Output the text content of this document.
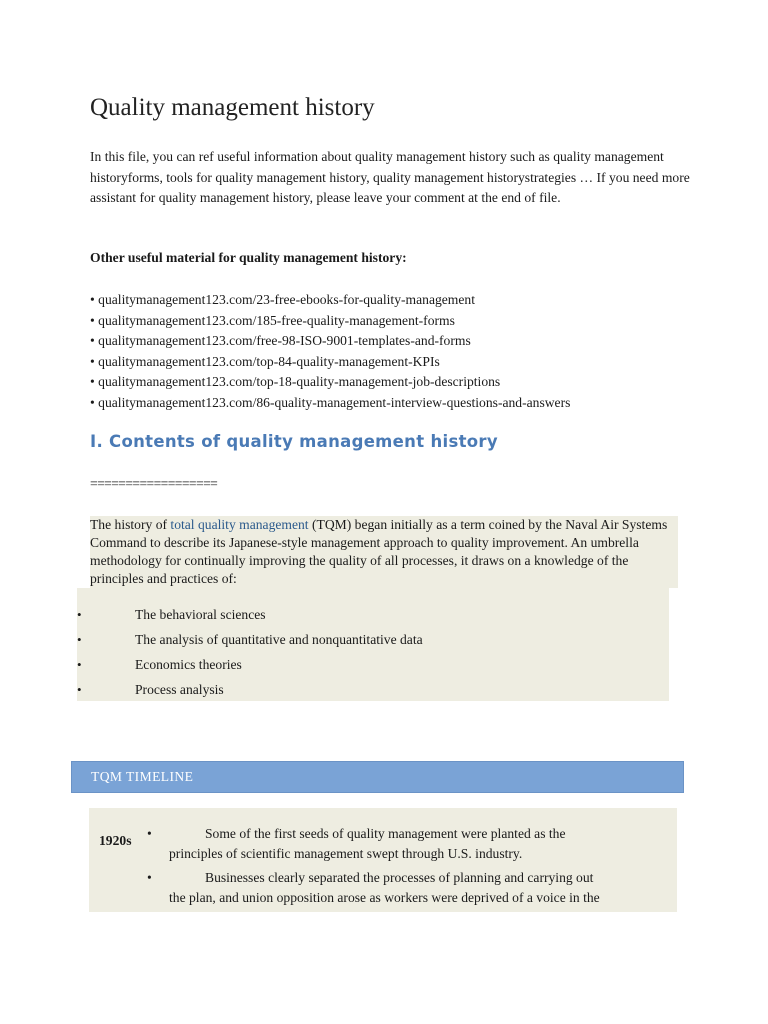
Quality management history

In this file, you can ref useful information about quality management history such as quality management historyforms, tools for quality management history, quality management historystrategies … If you need more assistant for quality management history, please leave your comment at the end of file.

Other useful material for quality management history:

• qualitymanagement123.com/23-free-ebooks-for-quality-management
• qualitymanagement123.com/185-free-quality-management-forms
• qualitymanagement123.com/free-98-ISO-9001-templates-and-forms
• qualitymanagement123.com/top-84-quality-management-KPIs
• qualitymanagement123.com/top-18-quality-management-job-descriptions
• qualitymanagement123.com/86-quality-management-interview-questions-and-answers
I. Contents of quality management history
==================

The history of total quality management (TQM) began initially as a term coined by the Naval Air Systems Command to describe its Japanese-style management approach to quality improvement. An umbrella methodology for continually improving the quality of all processes, it draws on a knowledge of the principles and practices of:

• The behavioral sciences
• The analysis of quantitative and nonquantitative data
• Economics theories
• Process analysis
TQM TIMELINE
1920s
•	Some of the first seeds of quality management were planted as the
principles of scientific management swept through U.S. industry.
• Businesses clearly separated the processes of planning and carrying out
the plan, and union opposition arose as workers were deprived of a voice in the
